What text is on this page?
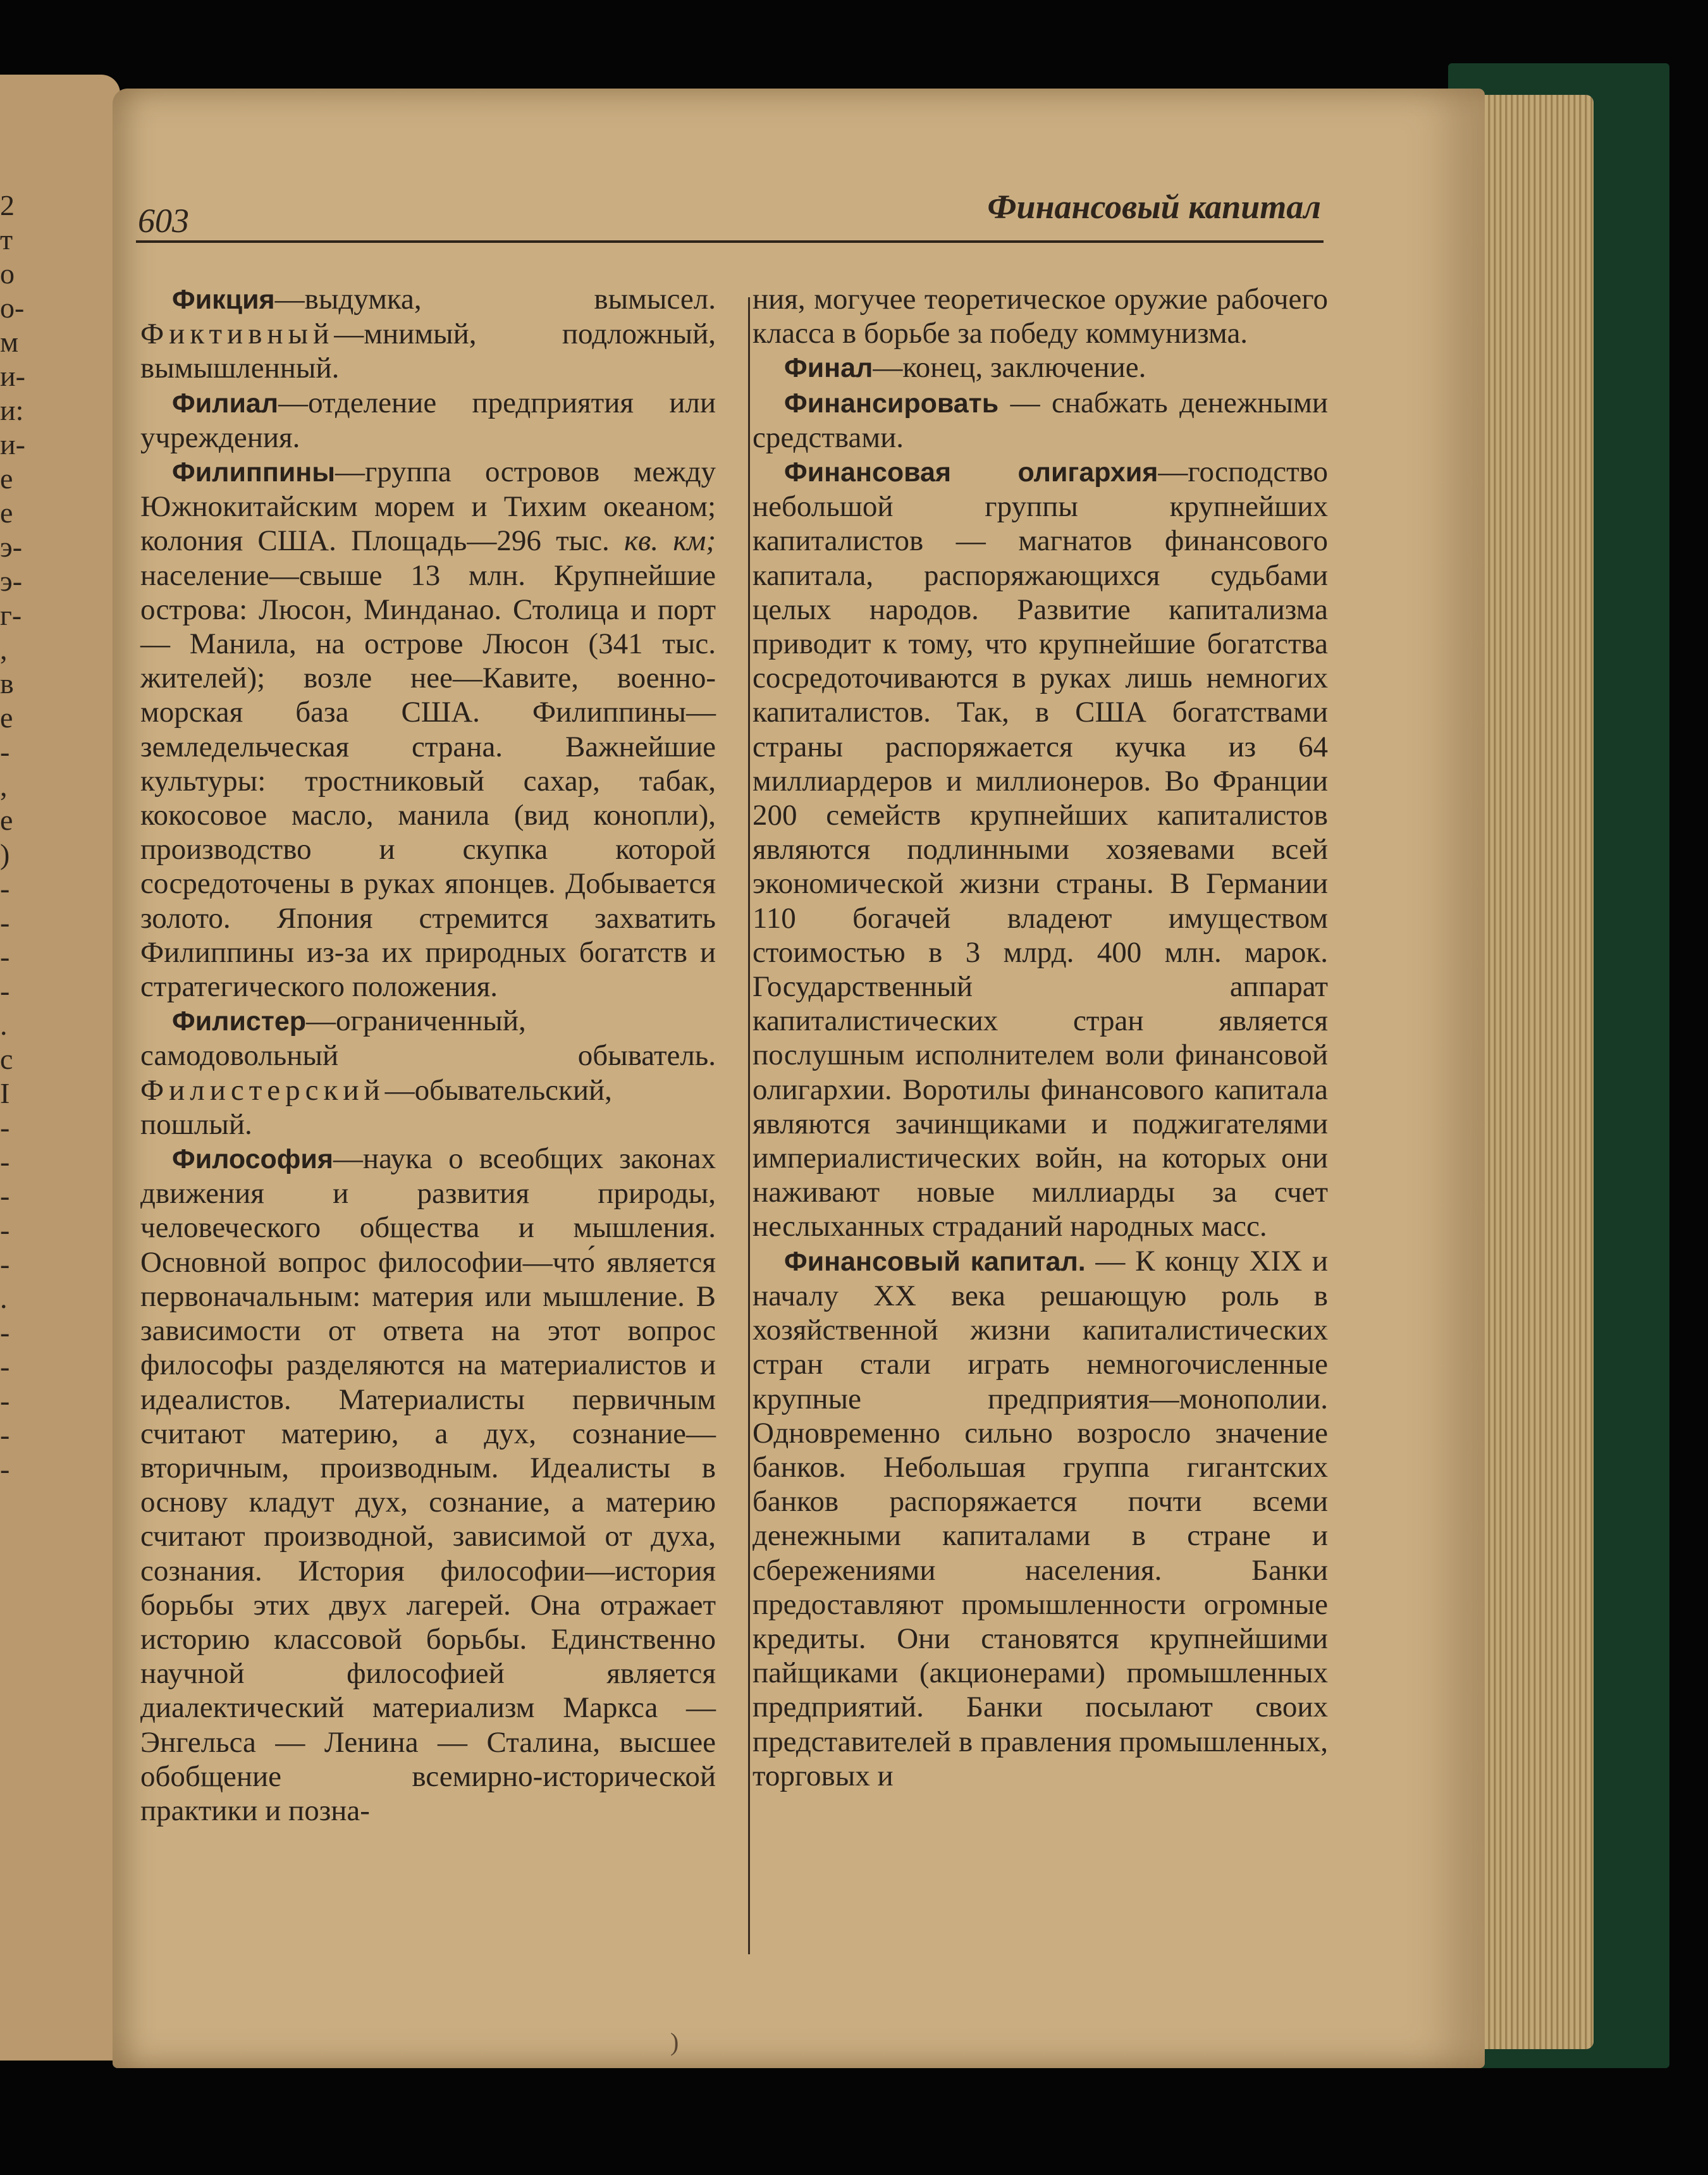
2
т
о
о-
м
и-
и:
и-
е
е
э-
э-
г-
,
в
е
-
,
е
)
-
-
-
-
.
с
I
-
-
-
-
-
.
-
-
-
-
-
603	Финансовый капитал

Фикция—выдумка, вымысел. Фиктивный—мнимый, подложный, вымышленный.

Филиал—отделение предприятия или учреждения.

Филиппины—группа островов между Южнокитайским морем и Тихим океаном; колония США. Площадь—296 тыс. кв. км; население—свыше 13 млн. Крупнейшие острова: Люсон, Минданао. Столица и порт — Манила, на острове Люсон (341 тыс. жителей); возле нее—Кавите, военно-морская база США. Филиппины—земледельческая страна. Важнейшие культуры: тростниковый сахар, табак, кокосовое масло, манила (вид конопли), производство и скупка которой сосредоточены в руках японцев. Добывается золото. Япония стремится захватить Филиппины из-за их природных богатств и стратегического положения.

Филистер—ограниченный, самодовольный обыватель. Филистерский—обывательский, пошлый.

Философия—наука о всеобщих законах движения и развития природы, человеческого общества и мышления. Основной вопрос философии—что́ является первоначальным: материя или мышление. В зависимости от ответа на этот вопрос философы разделяются на материалистов и идеалистов. Материалисты первичным считают материю, а дух, сознание—вторичным, производным. Идеалисты в основу кладут дух, сознание, а материю считают производной, зависимой от духа, сознания. История философии—история борьбы этих двух лагерей. Она отражает историю классовой борьбы. Единственно научной философией является диалектический материализм Маркса — Энгельса — Ленина — Сталина, высшее обобщение всемирно-исторической практики и позна-

ния, могучее теоретическое оружие рабочего класса в борьбе за победу коммунизма.

Финал—конец, заключение.

Финансировать — снабжать денежными средствами.

Финансовая олигархия—господство небольшой группы крупнейших капиталистов — магнатов финансового капитала, распоряжающихся судьбами целых народов. Развитие капитализма приводит к тому, что крупнейшие богатства сосредоточиваются в руках лишь немногих капиталистов. Так, в США богатствами страны распоряжается кучка из 64 миллиардеров и миллионеров. Во Франции 200 семейств крупнейших капиталистов являются подлинными хозяевами всей экономической жизни страны. В Германии 110 богачей владеют имуществом стоимостью в 3 млрд. 400 млн. марок. Государственный аппарат капиталистических стран является послушным исполнителем воли финансовой олигархии. Воротилы финансового капитала являются зачинщиками и поджигателями империалистических войн, на которых они наживают новые миллиарды за счет неслыханных страданий народных масс.

Финансовый капитал. — К концу XIX и началу XX века решающую роль в хозяйственной жизни капиталистических стран стали играть немногочисленные крупные предприятия—монополии. Одновременно сильно возросло значение банков. Небольшая группа гигантских банков распоряжается почти всеми денежными капиталами в стране и сбережениями населения. Банки предоставляют промышленности огромные кредиты. Они становятся крупнейшими пайщиками (акционерами) промышленных предприятий. Банки посылают своих представителей в правления промышленных, торговых и

)
